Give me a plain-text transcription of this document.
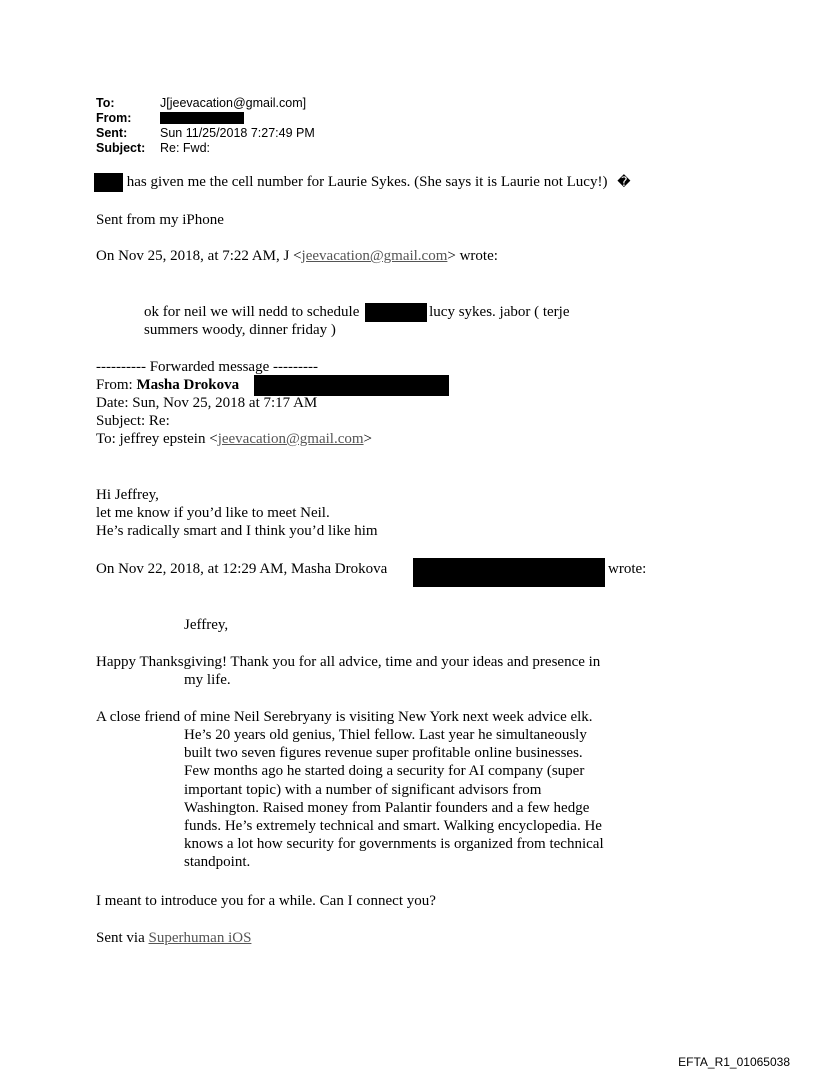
To:	J[jeevacation@gmail.com]
From:
Sent:	Sun 11/25/2018 7:27:49 PM
Subject:	Re: Fwd:
has given me the cell number for Laurie Sykes. (She says it is Laurie not Lucy!) �
Sent from my iPhone
On Nov 25, 2018, at 7:22 AM, J <jeevacation@gmail.com> wrote:
ok for neil we will nedd to schedule	lucy sykes. jabor ( terje
summers woody, dinner friday )
---------- Forwarded message ---------
From: Masha Drokova
Date: Sun, Nov 25, 2018 at 7:17 AM
Subject: Re:
To: jeffrey epstein <jeevacation@gmail.com>
Hi Jeffrey,
let me know if you’d like to meet Neil.
He’s radically smart and I think you’d like him
On Nov 22, 2018, at 12:29 AM, Masha Drokova	wrote:
Jeffrey,
Happy Thanksgiving! Thank you for all advice, time and your ideas and presence in
my life.
A close friend of mine Neil Serebryany is visiting New York next week advice elk.
He’s 20 years old genius, Thiel fellow. Last year he simultaneously
built two seven figures revenue super profitable online businesses.
Few months ago he started doing a security for AI company (super
important topic) with a number of significant advisors from
Washington. Raised money from Palantir founders and a few hedge
funds. He’s extremely technical and smart. Walking encyclopedia. He
knows a lot how security for governments is organized from technical
standpoint.
I meant to introduce you for a while. Can I connect you?
Sent via Superhuman iOS
EFTA_R1_01065038
